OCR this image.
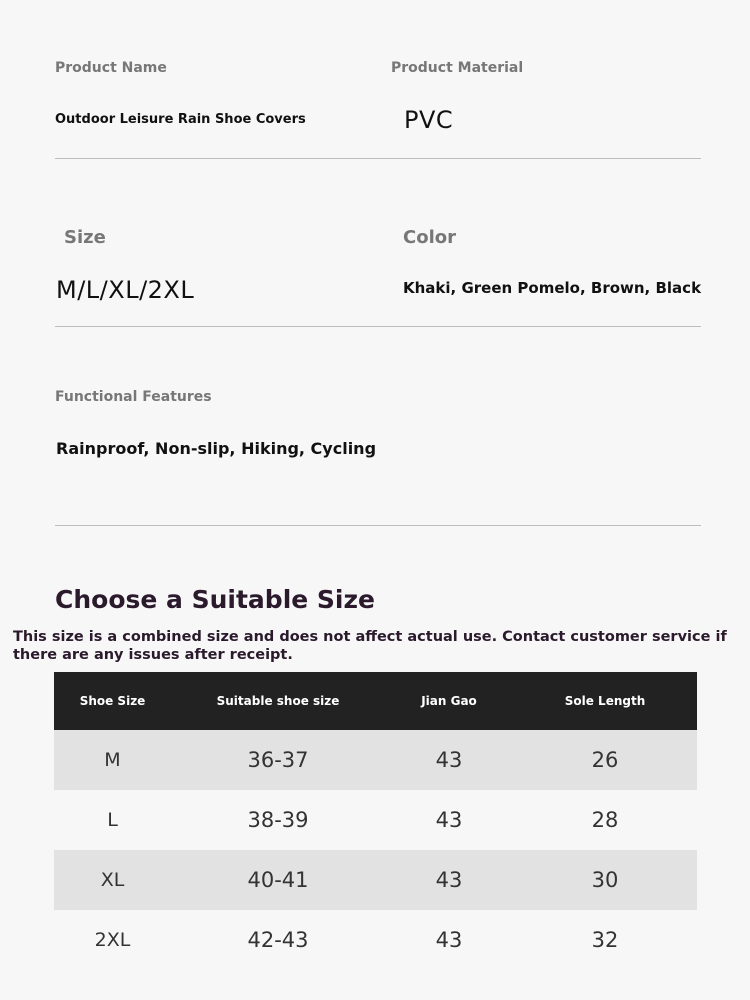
Product Name
Outdoor Leisure Rain Shoe Covers
Product Material
PVC
Size
M/L/XL/2XL
Color
Khaki, Green Pomelo, Brown, Black
Functional Features
Rainproof, Non-slip, Hiking, Cycling
Choose a Suitable Size
This size is a combined size and does not affect actual use. Contact customer service if there are any issues after receipt.
Shoe Size	Suitable shoe size	Jian Gao	Sole Length
M	36-37	43	26
L	38-39	43	28
XL	40-41	43	30
2XL	42-43	43	32
